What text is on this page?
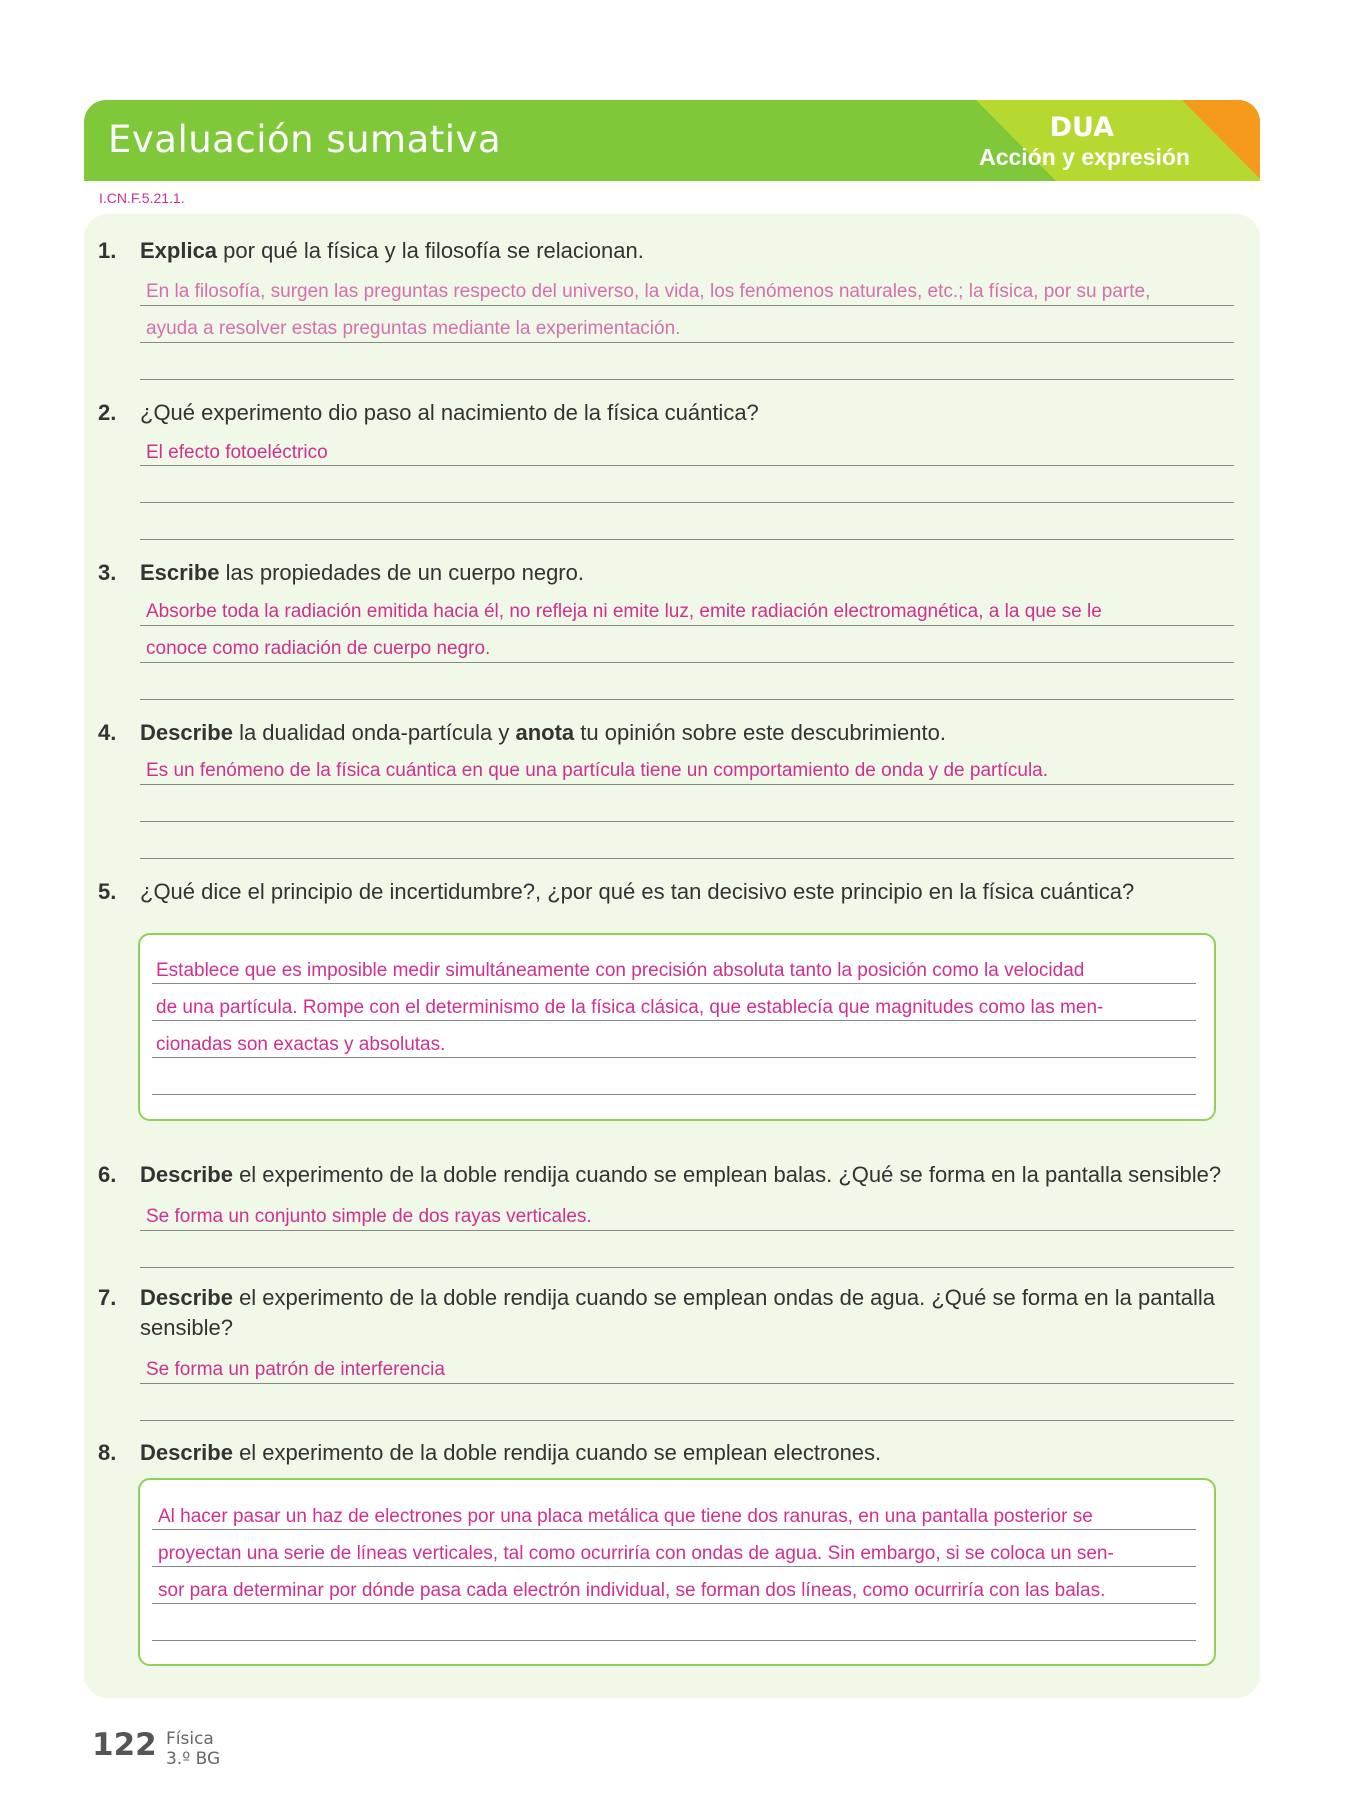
Evaluación sumativa	DUA
Acción y expresión
I.CN.F.5.21.1.
1. Explica por qué la física y la filosofía se relacionan.
En la filosofía, surgen las preguntas respecto del universo, la vida, los fenómenos naturales, etc.; la física, por su parte,
ayuda a resolver estas preguntas mediante la experimentación.
2. ¿Qué experimento dio paso al nacimiento de la física cuántica?
El efecto fotoeléctrico
3. Escribe las propiedades de un cuerpo negro.
Absorbe toda la radiación emitida hacia él, no refleja ni emite luz, emite radiación electromagnética, a la que se le
conoce como radiación de cuerpo negro.
4. Describe la dualidad onda-partícula y anota tu opinión sobre este descubrimiento.
Es un fenómeno de la física cuántica en que una partícula tiene un comportamiento de onda y de partícula.
5. ¿Qué dice el principio de incertidumbre?, ¿por qué es tan decisivo este principio en la física cuántica?
Establece que es imposible medir simultáneamente con precisión absoluta tanto la posición como la velocidad
de una partícula. Rompe con el determinismo de la física clásica, que establecía que magnitudes como las men-
cionadas son exactas y absolutas.
6. Describe el experimento de la doble rendija cuando se emplean balas. ¿Qué se forma en la pantalla sensible?
Se forma un conjunto simple de dos rayas verticales.
7. Describe el experimento de la doble rendija cuando se emplean ondas de agua. ¿Qué se forma en la pantalla
sensible?
Se forma un patrón de interferencia
8. Describe el experimento de la doble rendija cuando se emplean electrones.
Al hacer pasar un haz de electrones por una placa metálica que tiene dos ranuras, en una pantalla posterior se
proyectan una serie de líneas verticales, tal como ocurriría con ondas de agua. Sin embargo, si se coloca un sen-
sor para determinar por dónde pasa cada electrón individual, se forman dos líneas, como ocurriría con las balas.
122 Física
3.º BG
